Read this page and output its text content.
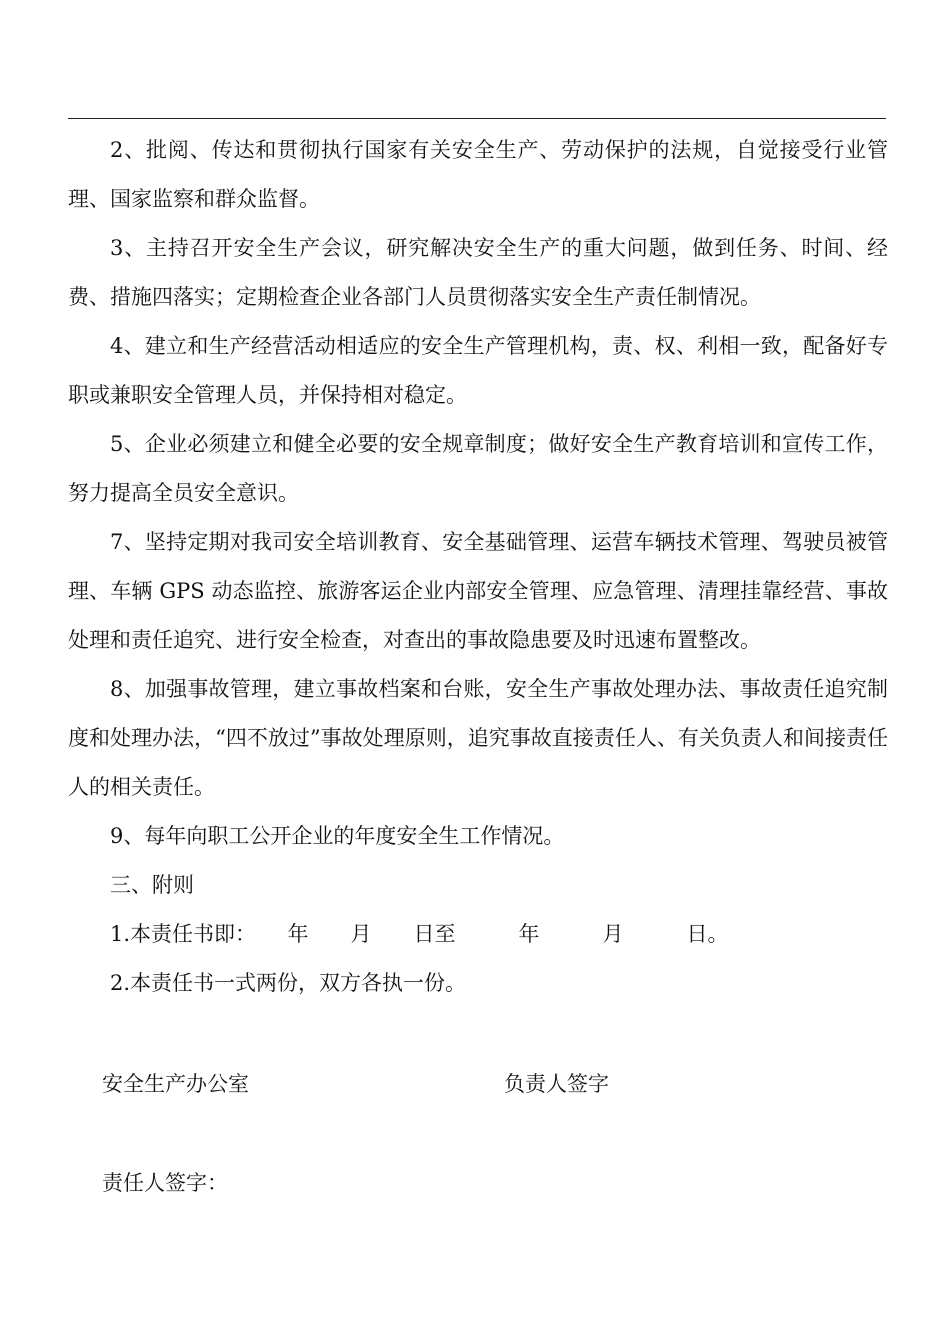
2、批阅、传达和贯彻执行国家有关安全生产、劳动保护的法规，自觉接受行业管理、国家监察和群众监督。

3、主持召开安全生产会议，研究解决安全生产的重大问题，做到任务、时间、经费、措施四落实；定期检查企业各部门人员贯彻落实安全生产责任制情况。

4、建立和生产经营活动相适应的安全生产管理机构，责、权、利相一致，配备好专职或兼职安全管理人员，并保持相对稳定。

5、企业必须建立和健全必要的安全规章制度；做好安全生产教育培训和宣传工作，努力提高全员安全意识。

7、坚持定期对我司安全培训教育、安全基础管理、运营车辆技术管理、驾驶员被管理、车辆 GPS 动态监控、旅游客运企业内部安全管理、应急管理、清理挂靠经营、事故处理和责任追究、进行安全检查，对查出的事故隐患要及时迅速布置整改。

8、加强事故管理，建立事故档案和台账，安全生产事故处理办法、事故责任追究制度和处理办法，“四不放过”事故处理原则，追究事故直接责任人、有关负责人和间接责任人的相关责任。

9、每年向职工公开企业的年度安全生工作情况。

三、附则

1.本责任书即：　　年　　月　　日至　　　年　　　月　　　日。

2.本责任书一式两份，双方各执一份。

安全生产办公室	负责人签字
责任人签字：
